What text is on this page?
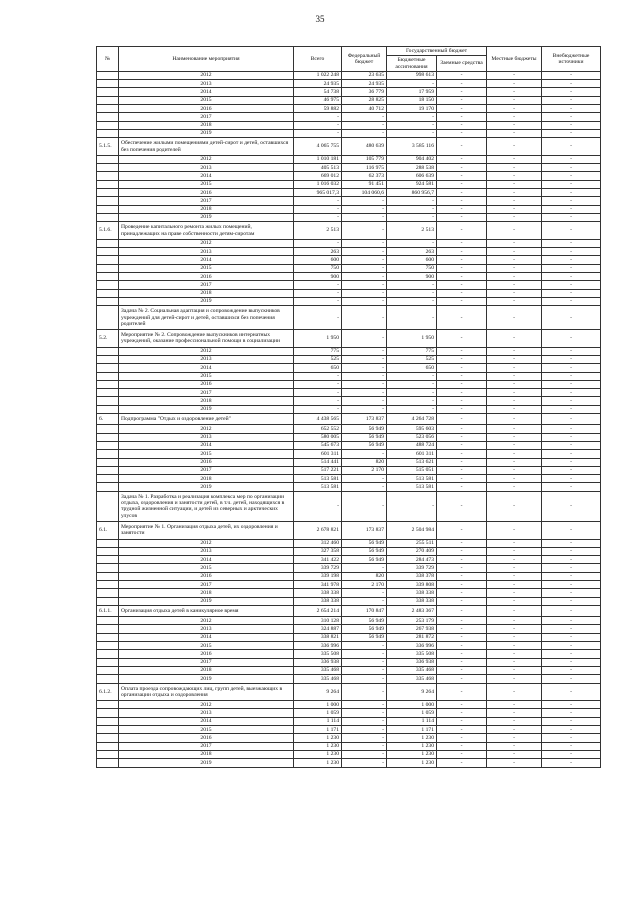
35
№	Наименование мероприятия	Всего	Федеральный бюджет	Государственный бюджет		Местные бюджеты	Внебюджетные источники
				Бюджетные ассигнования	Заемные средства		
	2012	1 022 248	23 635	998 613	-	-	-
	2013	24 935	24 935	-	-	-	-
	2014	54 738	36 779	17 959	-	-	-
	2015	46 975	28 825	18 150	-	-	-
	2016	59 882	40 712	19 170	-	-	-
	2017	-	-	-	-	-	-
	2018	-	-	-	-	-	-
	2019	-	-	-	-	-	-
5.1.5.	Обеспечение жилыми помещениями детей-сирот и детей, оставшихся без попечения родителей	4 065 755	480 639	3 585 116	-	-	-
	2012	1 010 181	105 779	904 402	-	-	-
	2013	405 513	116 975	288 538	-	-	-
	2014	669 012	62 373	606 639	-	-	-
	2015	1 016 032	91 451	924 581	-	-	-
	2016	965 017,3	104 060,6	860 956,7	-	-	-
	2017	-	-	-	-	-	-
	2018	-	-	-	-	-	-
	2019	-	-	-	-	-	-
5.1.6.	Проведение капитального ремонта жилых помещений, принадлежащих на праве собственности детям-сиротам	2 513	-	2 513	-	-	-
	2012	-	-	-	-	-	-
	2013	263	-	263	-	-	-
	2014	600	-	600	-	-	-
	2015	750	-	750	-	-	-
	2016	900	-	900	-	-	-
	2017	-	-	-	-	-	-
	2018	-	-	-	-	-	-
	2019	-	-	-	-	-	-
	Задача № 2. Социальная адаптация и сопровождение выпускников учреждений для детей-сирот и детей, оставшихся без попечения родителей	-	-	-	-	-	-
5.2.	Мероприятие № 2. Сопровождение выпускников интернатных учреждений, оказание профессиональной помощи в социализации	1 950	-	1 950	-	-	-
	2012	775	-	775	-	-	-
	2013	525	-	525	-	-	-
	2014	650	-	650	-	-	-
	2015	-	-	-	-	-	-
	2016	-	-	-	-	-	-
	2017	-	-	-	-	-	-
	2018	-	-	-	-	-	-
	2019	-	-	-	-	-	-
6.	Подпрограмма "Отдых и оздоровление детей"	4 438 565	173 837	4 264 728	-	-	-
	2012	652 552	56 949	595 603	-	-	-
	2013	580 005	56 949	523 056	-	-	-
	2014	545 673	56 949	488 724	-	-	-
	2015	601 311	-	601 311	-	-	-
	2016	514 441	820	513 621	-	-	-
	2017	517 221	2 170	515 051	-	-	-
	2018	513 581	-	513 581	-	-	-
	2019	513 581	-	513 581	-	-	-
	Задача № 1. Разработка и реализация комплекса мер по организации отдыха, оздоровления и занятости детей, в т.ч. детей, находящихся в трудной жизненной ситуации, и детей из северных и арктических улусов	-	-	-	-	-	-
6.1.	Мероприятие № 1. Организация отдыха детей, их оздоровления и занятости	2 678 821	173 837	2 504 984	-	-	-
	2012	312 460	56 949	255 511	-	-	-
	2013	327 358	56 949	270 409	-	-	-
	2014	341 422	56 949	284 473	-	-	-
	2015	339 729	-	339 729	-	-	-
	2016	339 198	820	338 378	-	-	-
	2017	341 978	2 170	339 808	-	-	-
	2018	338 338	-	338 338	-	-	-
	2019	338 338	-	338 338	-	-	-
6.1.1.	Организация отдыха детей в каникулярное время	2 654 214	170 847	2 483 367	-	-	-
	2012	310 128	56 949	253 179	-	-	-
	2013	324 887	56 949	267 938	-	-	-
	2014	338 821	56 949	281 872	-	-	-
	2015	336 996	-	336 996	-	-	-
	2016	335 508	-	335 508	-	-	-
	2017	336 938	-	336 938	-	-	-
	2018	335 468	-	335 468	-	-	-
	2019	335 468	-	335 468	-	-	-
6.1.2.	Оплата проезда сопровождающих лиц, групп детей, выезжающих в организации отдыха и оздоровления	9 264	-	9 264	-	-	-
	2012	1 000	-	1 000	-	-	-
	2013	1 059	-	1 059	-	-	-
	2014	1 114	-	1 114	-	-	-
	2015	1 171	-	1 171	-	-	-
	2016	1 230	-	1 230	-	-	-
	2017	1 230	-	1 230	-	-	-
	2018	1 230	-	1 230	-	-	-
	2019	1 230	-	1 230	-	-	-
